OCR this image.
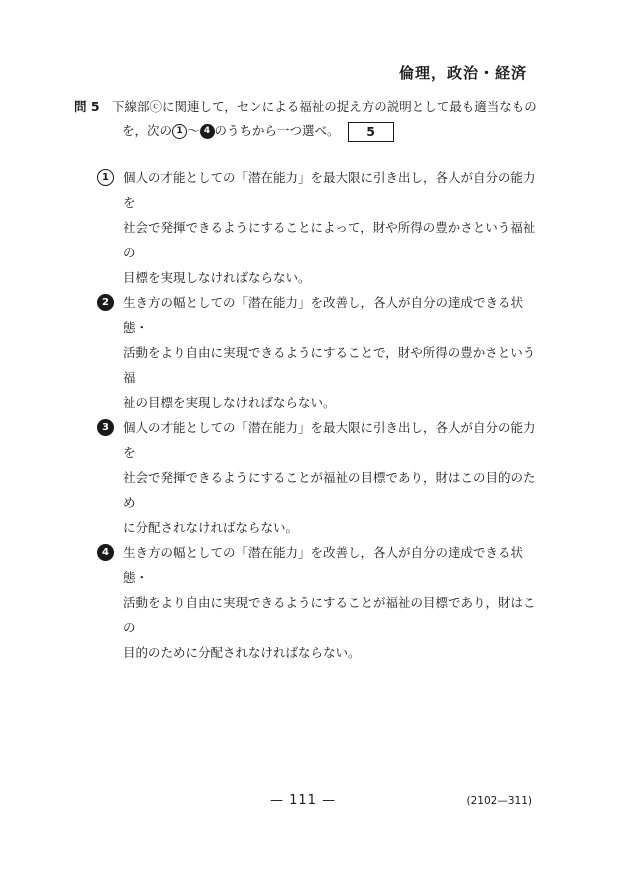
倫理，政治・経済
問 5 下線部ⓒに関連して，センによる福祉の捉え方の説明として最も適当なもの
を，次の 1 ～ 4 のうちから一つ選べ。 5
1	個人の才能としての「潜在能力」を最大限に引き出し，各人が自分の能力を
社会で発揮できるようにすることによって，財や所得の豊かさという福祉の
目標を実現しなければならない。
2	生き方の幅としての「潜在能力」を改善し，各人が自分の達成できる状態・
活動をより自由に実現できるようにすることで，財や所得の豊かさという福
祉の目標を実現しなければならない。
3	個人の才能としての「潜在能力」を最大限に引き出し，各人が自分の能力を
社会で発揮できるようにすることが福祉の目標であり，財はこの目的のため
に分配されなければならない。
4	生き方の幅としての「潜在能力」を改善し，各人が自分の達成できる状態・
活動をより自由に実現できるようにすることが福祉の目標であり，財はこの
目的のために分配されなければならない。
— 111 —	(2102—311)
